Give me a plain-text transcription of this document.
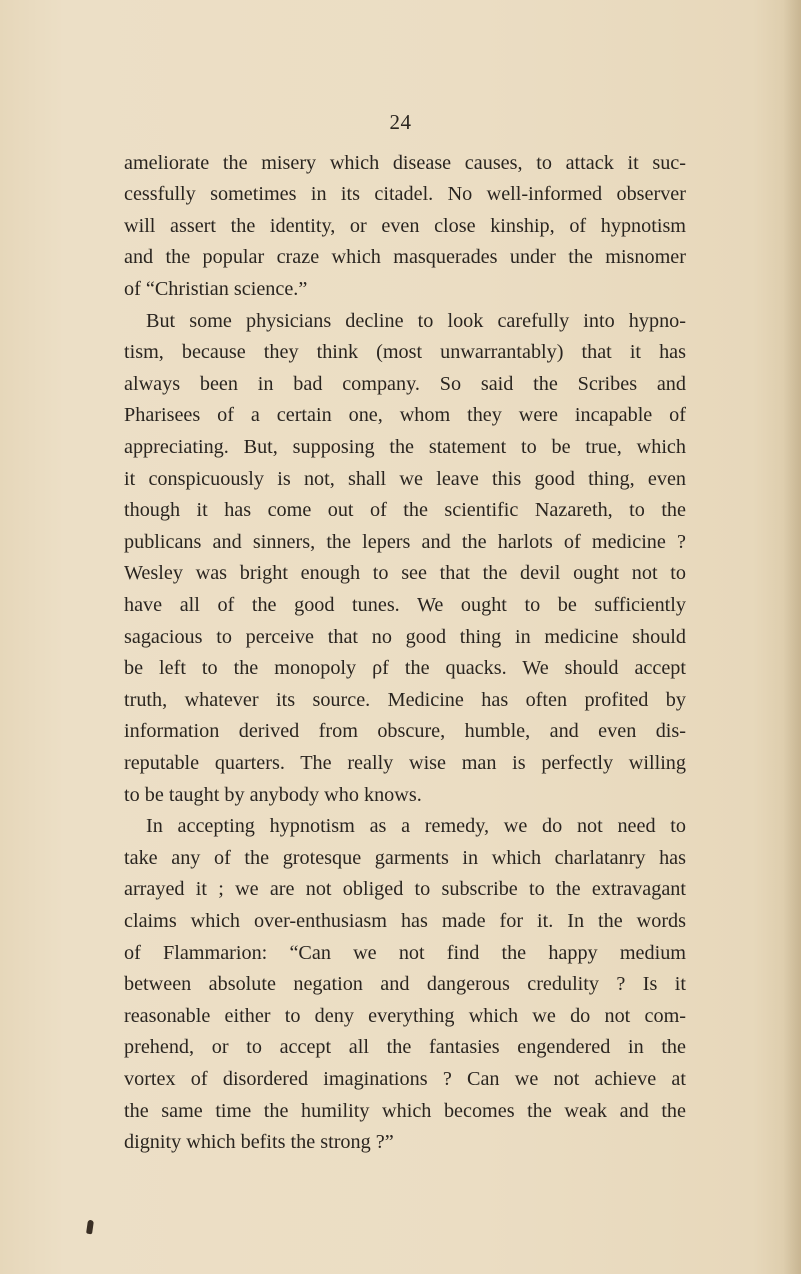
24
ameliorate the misery which disease causes, to attack it suc-
cessfully sometimes in its citadel. No well-informed observer
will assert the identity, or even close kinship, of hypnotism
and the popular craze which masquerades under the misnomer
of “Christian science.”
But some physicians decline to look carefully into hypno-
tism, because they think (most unwarrantably) that it has
always been in bad company. So said the Scribes and
Pharisees of a certain one, whom they were incapable of
appreciating. But, supposing the statement to be true, which
it conspicuously is not, shall we leave this good thing, even
though it has come out of the scientific Nazareth, to the
publicans and sinners, the lepers and the harlots of medicine ?
Wesley was bright enough to see that the devil ought not to
have all of the good tunes. We ought to be sufficiently
sagacious to perceive that no good thing in medicine should
be left to the monopoly ρf the quacks. We should accept
truth, whatever its source. Medicine has often profited by
information derived from obscure, humble, and even dis-
reputable quarters. The really wise man is perfectly willing
to be taught by anybody who knows.
In accepting hypnotism as a remedy, we do not need to
take any of the grotesque garments in which charlatanry has
arrayed it ; we are not obliged to subscribe to the extravagant
claims which over-enthusiasm has made for it. In the words
of Flammarion: “Can we not find the happy medium
between absolute negation and dangerous credulity ? Is it
reasonable either to deny everything which we do not com-
prehend, or to accept all the fantasies engendered in the
vortex of disordered imaginations ? Can we not achieve at
the same time the humility which becomes the weak and the
dignity which befits the strong ?”
